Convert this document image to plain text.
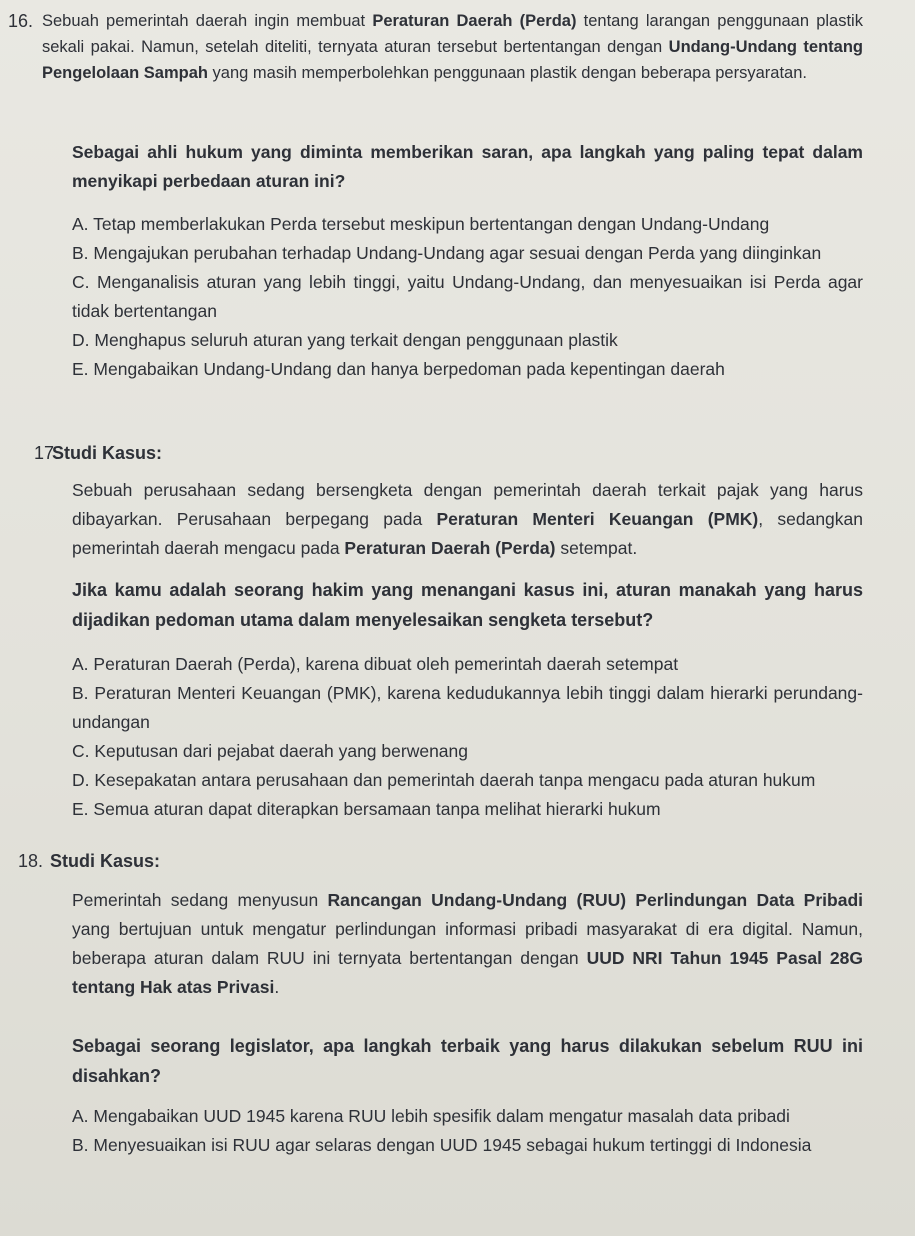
16. Sebuah pemerintah daerah ingin membuat Peraturan Daerah (Perda) tentang larangan penggunaan plastik sekali pakai. Namun, setelah diteliti, ternyata aturan tersebut bertentangan dengan Undang-Undang tentang Pengelolaan Sampah yang masih memperbolehkan penggunaan plastik dengan beberapa persyaratan.

Sebagai ahli hukum yang diminta memberikan saran, apa langkah yang paling tepat dalam menyikapi perbedaan aturan ini?

A. Tetap memberlakukan Perda tersebut meskipun bertentangan dengan Undang-Undang
B. Mengajukan perubahan terhadap Undang-Undang agar sesuai dengan Perda yang diinginkan
C. Menganalisis aturan yang lebih tinggi, yaitu Undang-Undang, dan menyesuaikan isi Perda agar tidak bertentangan
D. Menghapus seluruh aturan yang terkait dengan penggunaan plastik
E. Mengabaikan Undang-Undang dan hanya berpedoman pada kepentingan daerah
17.
Studi Kasus:

Sebuah perusahaan sedang bersengketa dengan pemerintah daerah terkait pajak yang harus dibayarkan. Perusahaan berpegang pada Peraturan Menteri Keuangan (PMK), sedangkan pemerintah daerah mengacu pada Peraturan Daerah (Perda) setempat.

Jika kamu adalah seorang hakim yang menangani kasus ini, aturan manakah yang harus dijadikan pedoman utama dalam menyelesaikan sengketa tersebut?

A. Peraturan Daerah (Perda), karena dibuat oleh pemerintah daerah setempat
B. Peraturan Menteri Keuangan (PMK), karena kedudukannya lebih tinggi dalam hierarki perundang-undangan
C. Keputusan dari pejabat daerah yang berwenang
D. Kesepakatan antara perusahaan dan pemerintah daerah tanpa mengacu pada aturan hukum
E. Semua aturan dapat diterapkan bersamaan tanpa melihat hierarki hukum
18. Studi Kasus:

Pemerintah sedang menyusun Rancangan Undang-Undang (RUU) Perlindungan Data Pribadi yang bertujuan untuk mengatur perlindungan informasi pribadi masyarakat di era digital. Namun, beberapa aturan dalam RUU ini ternyata bertentangan dengan UUD NRI Tahun 1945 Pasal 28G tentang Hak atas Privasi.

Sebagai seorang legislator, apa langkah terbaik yang harus dilakukan sebelum RUU ini disahkan?

A. Mengabaikan UUD 1945 karena RUU lebih spesifik dalam mengatur masalah data pribadi
B. Menyesuaikan isi RUU agar selaras dengan UUD 1945 sebagai hukum tertinggi di Indonesia
